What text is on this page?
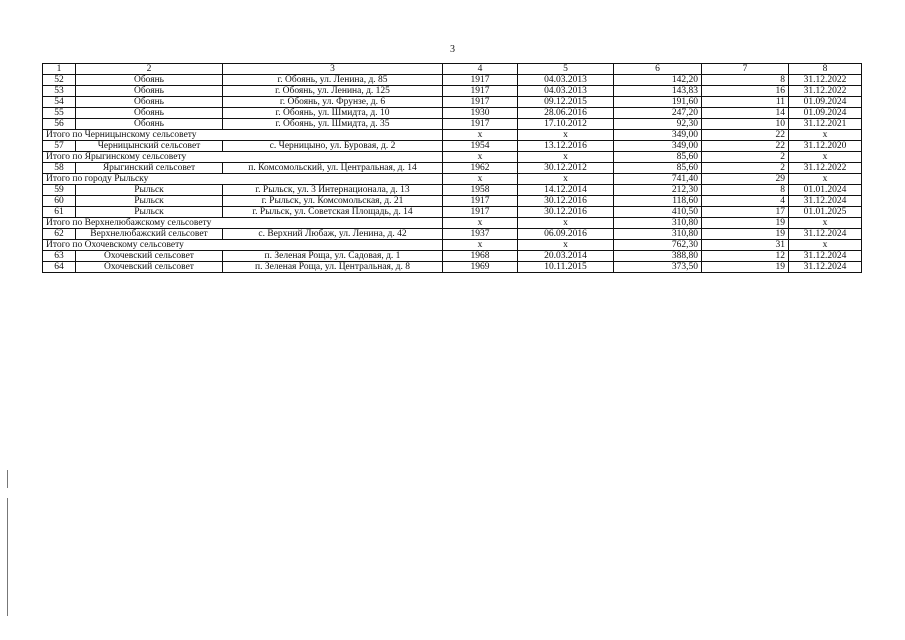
3
1	2	3	4	5	6	7	8
52	Обоянь	г. Обоянь, ул. Ленина, д. 85	1917	04.03.2013	142,20	8	31.12.2022
53	Обоянь	г. Обоянь, ул. Ленина, д. 125	1917	04.03.2013	143,83	16	31.12.2022
54	Обоянь	г. Обоянь, ул. Фрунзе, д. 6	1917	09.12.2015	191,60	11	01.09.2024
55	Обоянь	г. Обоянь, ул. Шмидта, д. 10	1930	28.06.2016	247,20	14	01.09.2024
56	Обоянь	г. Обоянь, ул. Шмидта, д. 35	1917	17.10.2012	92,30	10	31.12.2021
Итого по Черницынскому сельсовету			x	x	349,00	22	x
57	Черницынский сельсовет	с. Черницыно, ул. Буровая, д. 2	1954	13.12.2016	349,00	22	31.12.2020
Итого по Ярыгинскому сельсовету			x	x	85,60	2	x
58	Ярыгинский сельсовет	п. Комсомольский, ул. Центральная, д. 14	1962	30.12.2012	85,60	2	31.12.2022
Итого по городу Рыльску			x	x	741,40	29	x
59	Рыльск	г. Рыльск, ул. 3 Интернационала, д. 13	1958	14.12.2014	212,30	8	01.01.2024
60	Рыльск	г. Рыльск, ул. Комсомольская, д. 21	1917	30.12.2016	118,60	4	31.12.2024
61	Рыльск	г. Рыльск, ул. Советская Площадь, д. 14	1917	30.12.2016	410,50	17	01.01.2025
Итого по Верхнелюбажскому сельсовету			x	x	310,80	19	x
62	Верхнелюбажский сельсовет	с. Верхний Любаж, ул. Ленина, д. 42	1937	06.09.2016	310,80	19	31.12.2024
Итого по Охочевскому сельсовету			x	x	762,30	31	x
63	Охочевский сельсовет	п. Зеленая Роща, ул. Садовая, д. 1	1968	20.03.2014	388,80	12	31.12.2024
64	Охочевский сельсовет	п. Зеленая Роща, ул. Центральная, д. 8	1969	10.11.2015	373,50	19	31.12.2024
